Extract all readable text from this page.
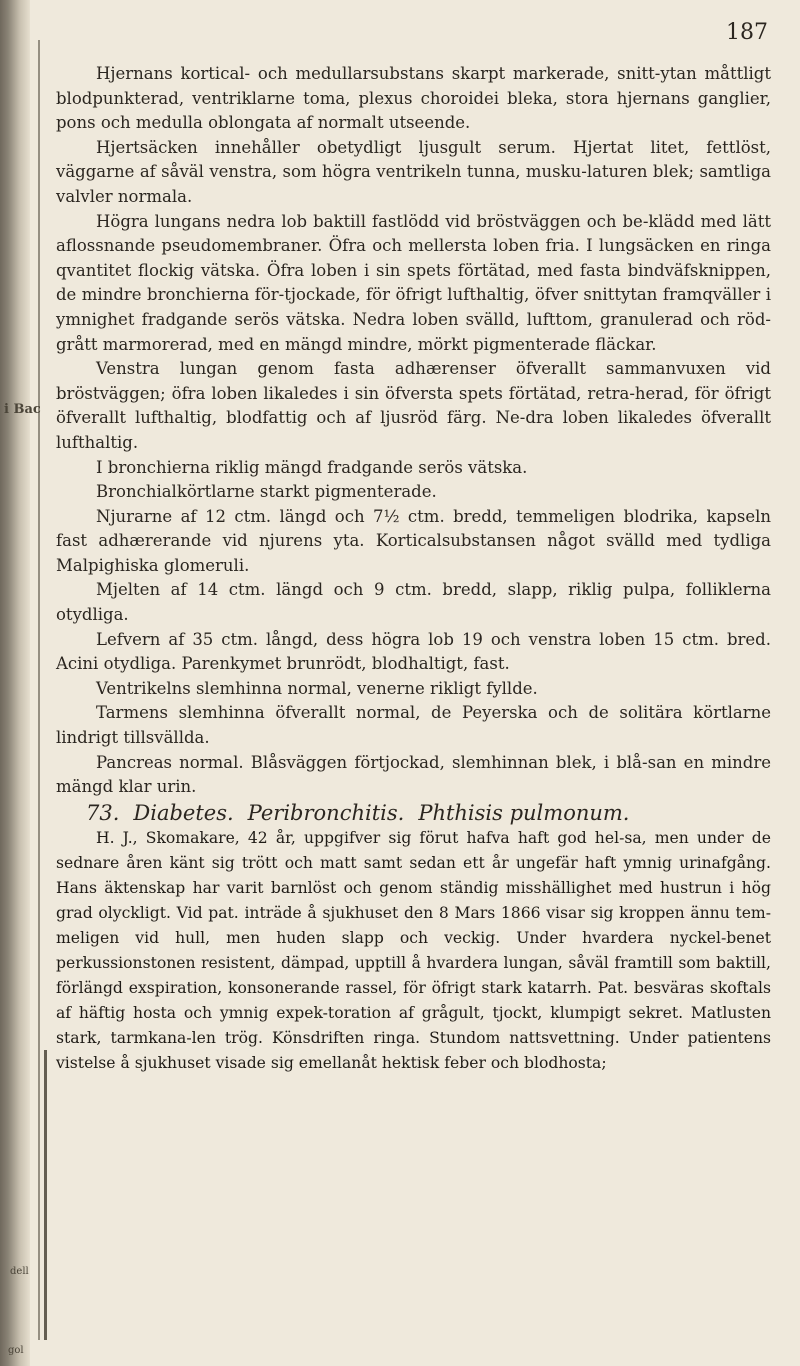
i Bac
dell
gol
187

Hjernans kortical- och medullarsubstans skarpt markerade, snitt-ytan måttligt blodpunkterad, ventriklarne toma, plexus choroidei bleka, stora hjernans ganglier, pons och medulla oblongata af normalt utseende.

Hjertsäcken innehåller obetydligt ljusgult serum. Hjertat litet, fettlöst, väggarne af såväl venstra, som högra ventrikeln tunna, musku-laturen blek; samtliga valvler normala.

Högra lungans nedra lob baktill fastlödd vid bröstväggen och be-klädd med lätt aflossnande pseudomembraner. Öfra och mellersta loben fria. I lungsäcken en ringa qvantitet flockig vätska. Öfra loben i sin spets förtätad, med fasta bindväfsknippen, de mindre bronchierna för-tjockade, för öfrigt lufthaltig, öfver snittytan framqväller i ymnighet fradgande serös vätska. Nedra loben svälld, lufttom, granulerad och röd-grått marmorerad, med en mängd mindre, mörkt pigmenterade fläckar.

Venstra lungan genom fasta adhærenser öfverallt sammanvuxen vid bröstväggen; öfra loben likaledes i sin öfversta spets förtätad, retra-herad, för öfrigt öfverallt lufthaltig, blodfattig och af ljusröd färg. Ne-dra loben likaledes öfverallt lufthaltig.

I bronchierna riklig mängd fradgande serös vätska.

Bronchialkörtlarne starkt pigmenterade.

Njurarne af 12 ctm. längd och 7½ ctm. bredd, temmeligen blodrika, kapseln fast adhærerande vid njurens yta. Korticalsubstansen något svälld med tydliga Malpighiska glomeruli.

Mjelten af 14 ctm. längd och 9 ctm. bredd, slapp, riklig pulpa, folliklerna otydliga.

Lefvern af 35 ctm. långd, dess högra lob 19 och venstra loben 15 ctm. bred. Acini otydliga. Parenkymet brunrödt, blodhaltigt, fast.

Ventrikelns slemhinna normal, venerne rikligt fyllde.

Tarmens slemhinna öfverallt normal, de Peyerska och de solitära körtlarne lindrigt tillsvällda.

Pancreas normal. Blåsväggen förtjockad, slemhinnan blek, i blå-san en mindre mängd klar urin.

73. Diabetes. Peribronchitis. Phthisis pulmonum.

H. J., Skomakare, 42 år, uppgifver sig förut hafva haft god hel-sa, men under de sednare åren känt sig trött och matt samt sedan ett år ungefär haft ymnig urinafgång. Hans äktenskap har varit barnlöst och genom ständig misshällighet med hustrun i hög grad olyckligt. Vid pat. inträde å sjukhuset den 8 Mars 1866 visar sig kroppen ännu tem-meligen vid hull, men huden slapp och veckig. Under hvardera nyckel-benet perkussionstonen resistent, dämpad, upptill å hvardera lungan, såväl framtill som baktill, förlängd exspiration, konsonerande rassel, för öfrigt stark katarrh. Pat. besväras skoftals af häftig hosta och ymnig expek-toration af grågult, tjockt, klumpigt sekret. Matlusten stark, tarmkana-len trög. Könsdriften ringa. Stundom nattsvettning. Under patientens vistelse å sjukhuset visade sig emellanåt hektisk feber och blodhosta;
